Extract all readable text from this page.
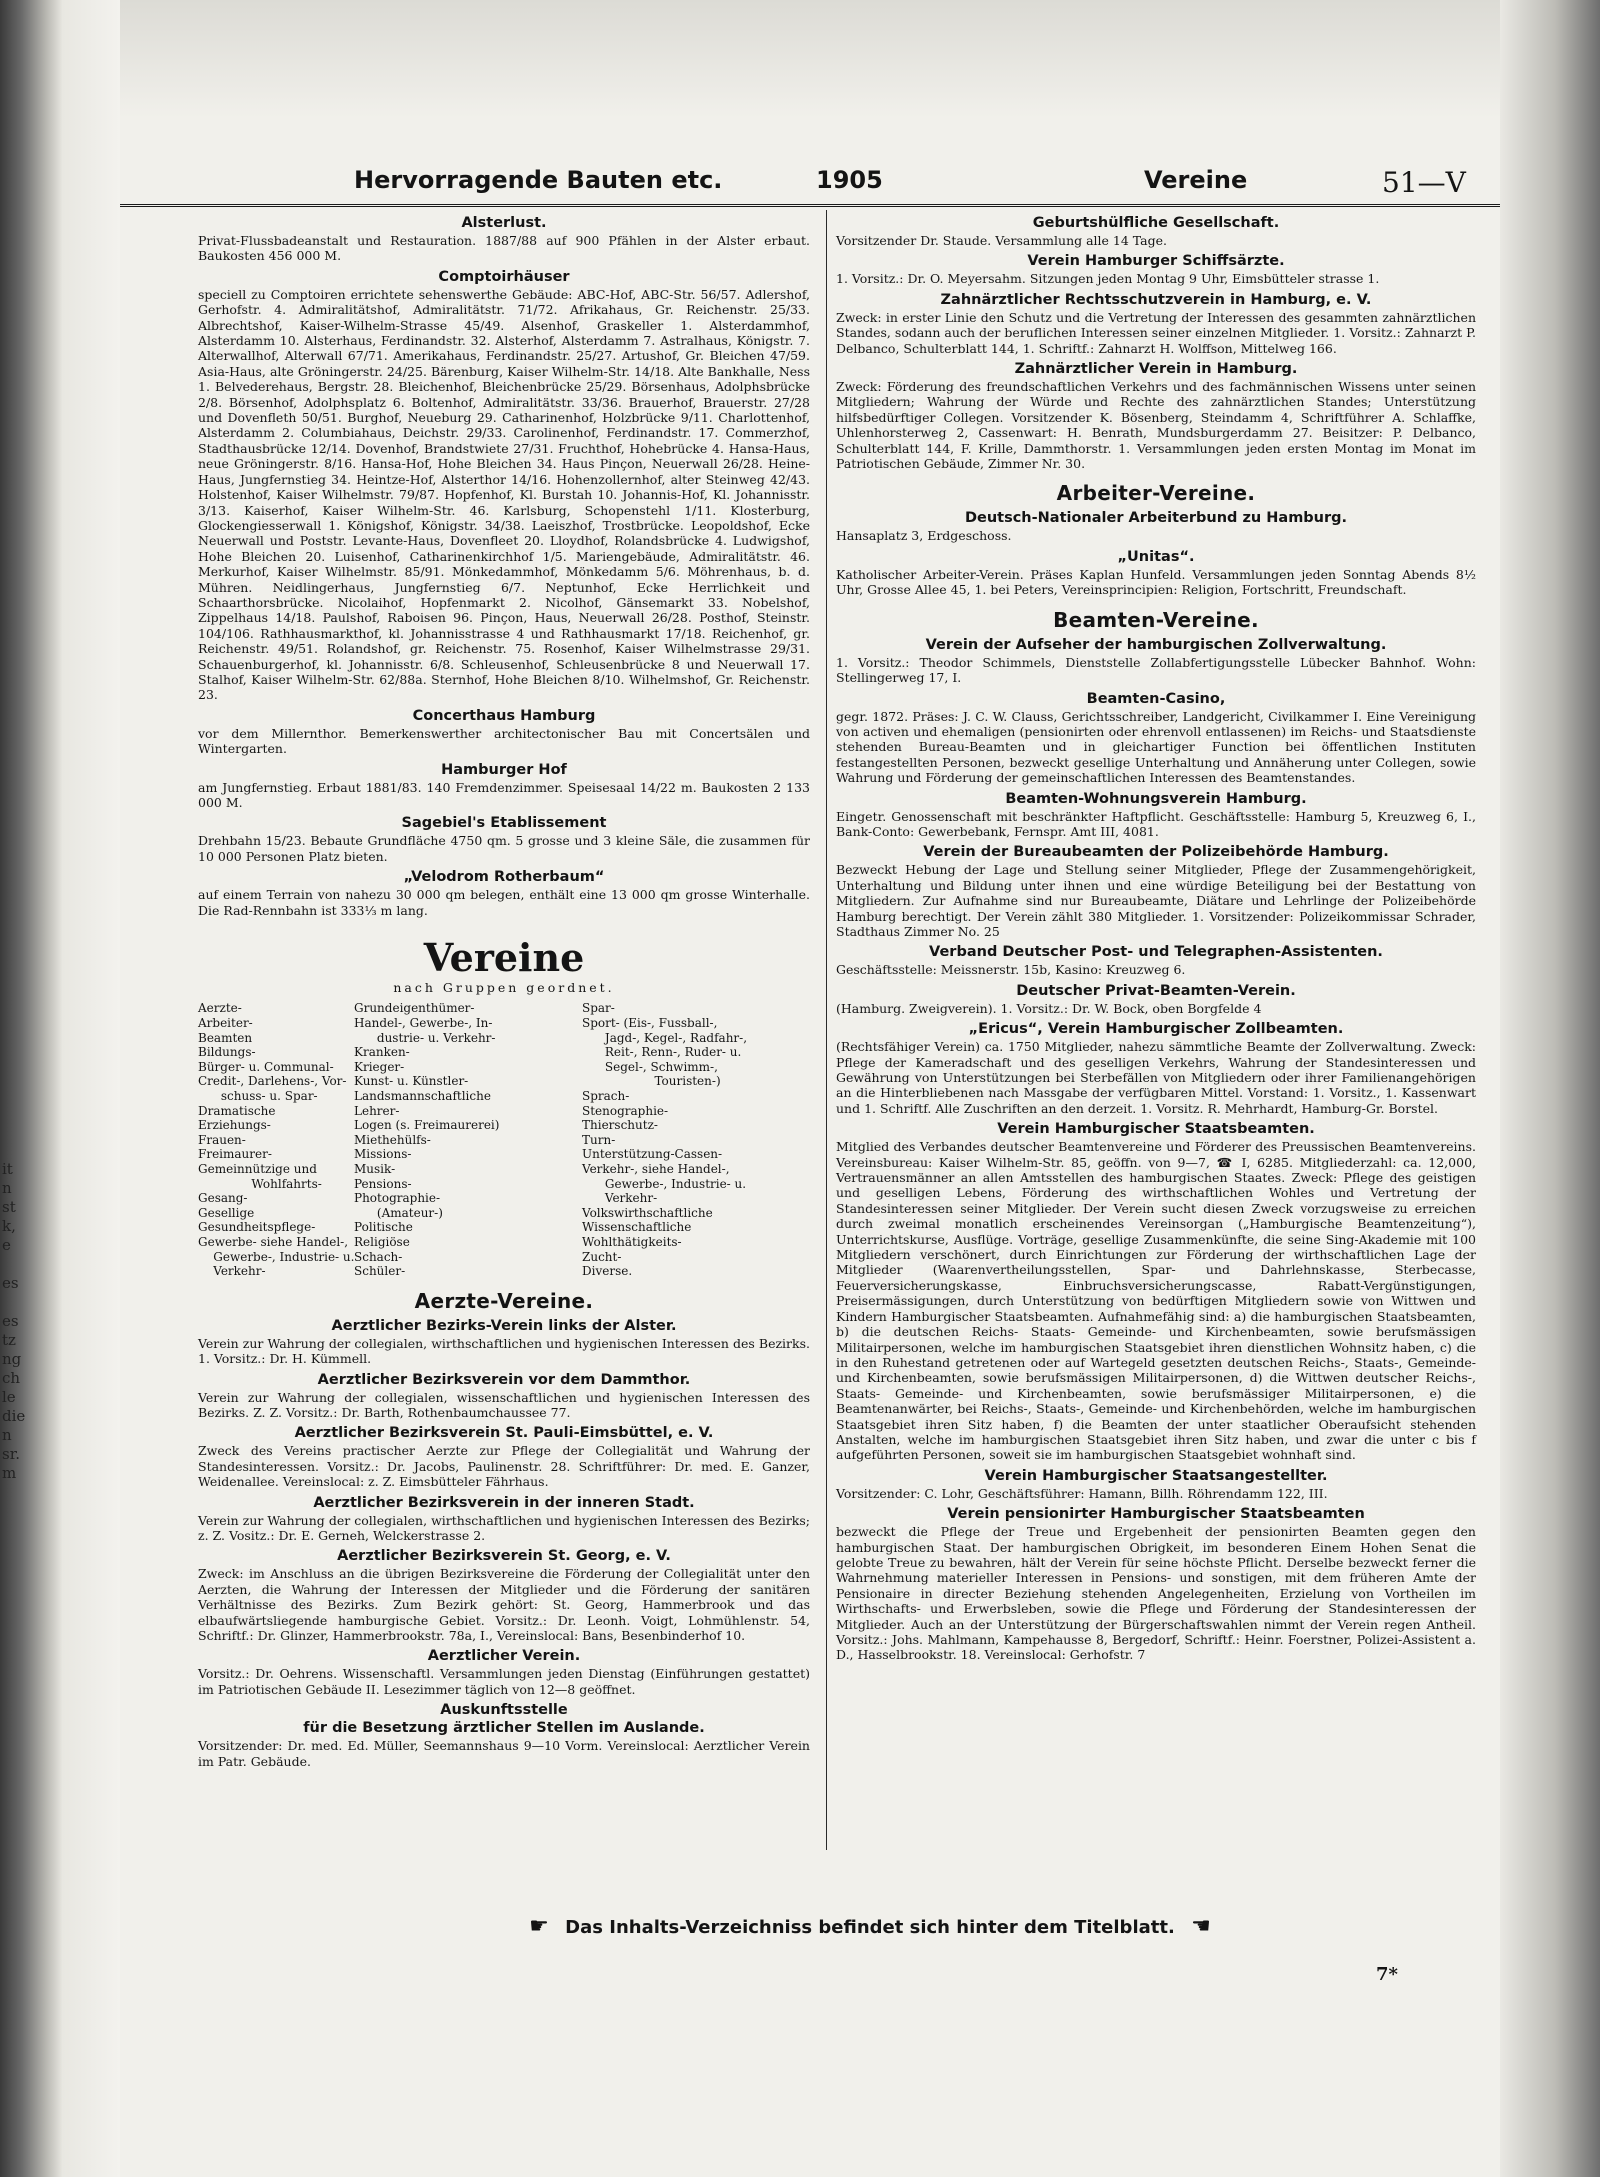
it
n
st
k,
e

es

es
tz
ng
ch
le
die
n
sr.
m
Hervorragende Bauten etc.	1905	Vereine	51—V
Alsterlust.

Privat-Flussbadeanstalt und Restauration. 1887/88 auf 900 Pfählen in der Alster erbaut. Baukosten 456 000 M.

Comptoirhäuser

speciell zu Comptoiren errichtete sehenswerthe Gebäude: ABC-Hof, ABC-Str. 56/57. Adlershof, Gerhofstr. 4. Admiralitätshof, Admiralitätstr. 71/72. Afrikahaus, Gr. Reichenstr. 25/33. Albrechtshof, Kaiser-Wilhelm-Strasse 45/49. Alsenhof, Graskeller 1. Alsterdammhof, Alsterdamm 10. Alsterhaus, Ferdinandstr. 32. Alsterhof, Alsterdamm 7. Astralhaus, Königstr. 7. Alterwallhof, Alterwall 67/71. Amerikahaus, Ferdinandstr. 25/27. Artushof, Gr. Bleichen 47/59. Asia-Haus, alte Gröningerstr. 24/25. Bärenburg, Kaiser Wilhelm-Str. 14/18. Alte Bankhalle, Ness 1. Belvederehaus, Bergstr. 28. Bleichenhof, Bleichenbrücke 25/29. Börsenhaus, Adolphsbrücke 2/8. Börsenhof, Adolphsplatz 6. Boltenhof, Admiralitätstr. 33/36. Brauerhof, Brauerstr. 27/28 und Dovenfleth 50/51. Burghof, Neueburg 29. Catharinenhof, Holzbrücke 9/11. Charlottenhof, Alsterdamm 2. Columbiahaus, Deichstr. 29/33. Carolinenhof, Ferdinandstr. 17. Commerzhof, Stadthausbrücke 12/14. Dovenhof, Brandstwiete 27/31. Fruchthof, Hohebrücke 4. Hansa-Haus, neue Gröningerstr. 8/16. Hansa-Hof, Hohe Bleichen 34. Haus Pinçon, Neuerwall 26/28. Heine-Haus, Jungfernstieg 34. Heintze-Hof, Alsterthor 14/16. Hohenzollernhof, alter Steinweg 42/43. Holstenhof, Kaiser Wilhelmstr. 79/87. Hopfenhof, Kl. Burstah 10. Johannis-Hof, Kl. Johannisstr. 3/13. Kaiserhof, Kaiser Wilhelm-Str. 46. Karlsburg, Schopenstehl 1/11. Klosterburg, Glockengiesserwall 1. Königshof, Königstr. 34/38. Laeiszhof, Trostbrücke. Leopoldshof, Ecke Neuerwall und Poststr. Levante-Haus, Dovenfleet 20. Lloydhof, Rolandsbrücke 4. Ludwigshof, Hohe Bleichen 20. Luisenhof, Catharinenkirchhof 1/5. Mariengebäude, Admiralitätstr. 46. Merkurhof, Kaiser Wilhelmstr. 85/91. Mönkedammhof, Mönkedamm 5/6. Möhrenhaus, b. d. Mühren. Neidlingerhaus, Jungfernstieg 6/7. Neptunhof, Ecke Herrlichkeit und Schaarthorsbrücke. Nicolaihof, Hopfenmarkt 2. Nicolhof, Gänsemarkt 33. Nobelshof, Zippelhaus 14/18. Paulshof, Raboisen 96. Pinçon, Haus, Neuerwall 26/28. Posthof, Steinstr. 104/106. Rathhausmarkthof, kl. Johannisstrasse 4 und Rathhausmarkt 17/18. Reichenhof, gr. Reichenstr. 49/51. Rolandshof, gr. Reichenstr. 75. Rosenhof, Kaiser Wilhelmstrasse 29/31. Schauenburgerhof, kl. Johannisstr. 6/8. Schleusenhof, Schleusenbrücke 8 und Neuerwall 17. Stalhof, Kaiser Wilhelm-Str. 62/88a. Sternhof, Hohe Bleichen 8/10. Wilhelmshof, Gr. Reichenstr. 23.

Concerthaus Hamburg

vor dem Millernthor. Bemerkenswerther architectonischer Bau mit Concertsälen und Wintergarten.

Hamburger Hof

am Jungfernstieg. Erbaut 1881/83. 140 Fremdenzimmer. Speisesaal 14/22 m. Baukosten 2 133 000 M.

Sagebiel's Etablissement

Drehbahn 15/23. Bebaute Grundfläche 4750 qm. 5 grosse und 3 kleine Säle, die zusammen für 10 000 Personen Platz bieten.

„Velodrom Rotherbaum“

auf einem Terrain von nahezu 30 000 qm belegen, enthält eine 13 000 qm grosse Winterhalle. Die Rad-Rennbahn ist 333⅓ m lang.

Vereine
nach Gruppen geordnet.
Aerzte-
Arbeiter-
Beamten
Bildungs-
Bürger- u. Communal-
Credit-, Darlehens-, Vor-
schuss- u. Spar-
Dramatische
Erziehungs-
Frauen-
Freimaurer-
Gemeinnützige und
Wohlfahrts-
Gesang-
Gesellige
Gesundheitspflege-
Gewerbe- siehe Handel-,
Gewerbe-, Industrie- u.
Verkehr-
Grundeigenthümer-
Handel-, Gewerbe-, In-
dustrie- u. Verkehr-
Kranken-
Krieger-
Kunst- u. Künstler-
Landsmannschaftliche
Lehrer-
Logen (s. Freimaurerei)
Miethehülfs-
Missions-
Musik-
Pensions-
Photographie-
(Amateur-)
Politische
Religiöse
Schach-
Schüler-
Spar-
Sport- (Eis-, Fussball-,
Jagd-, Kegel-, Radfahr-,
Reit-, Renn-, Ruder- u.
Segel-, Schwimm-,
Touristen-)
Sprach-
Stenographie-
Thierschutz-
Turn-
Unterstützung-Cassen-
Verkehr-, siehe Handel-,
Gewerbe-, Industrie- u.
Verkehr-
Volkswirthschaftliche
Wissenschaftliche
Wohlthätigkeits-
Zucht-
Diverse.
Aerzte-Vereine.
Aerztlicher Bezirks-Verein links der Alster.

Verein zur Wahrung der collegialen, wirthschaftlichen und hygienischen Interessen des Bezirks. 1. Vorsitz.: Dr. H. Kümmell.

Aerztlicher Bezirksverein vor dem Dammthor.

Verein zur Wahrung der collegialen, wissenschaftlichen und hygienischen Interessen des Bezirks. Z. Z. Vorsitz.: Dr. Barth, Rothenbaumchaussee 77.

Aerztlicher Bezirksverein St. Pauli-Eimsbüttel, e. V.

Zweck des Vereins practischer Aerzte zur Pflege der Collegialität und Wahrung der Standesinteressen. Vorsitz.: Dr. Jacobs, Paulinenstr. 28. Schriftführer: Dr. med. E. Ganzer, Weidenallee. Vereinslocal: z. Z. Eimsbütteler Fährhaus.

Aerztlicher Bezirksverein in der inneren Stadt.

Verein zur Wahrung der collegialen, wirthschaftlichen und hygienischen Interessen des Bezirks; z. Z. Vositz.: Dr. E. Gerneh, Welckerstrasse 2.

Aerztlicher Bezirksverein St. Georg, e. V.

Zweck: im Anschluss an die übrigen Bezirksvereine die Förderung der Collegialität unter den Aerzten, die Wahrung der Interessen der Mitglieder und die Förderung der sanitären Verhältnisse des Bezirks. Zum Bezirk gehört: St. Georg, Hammerbrook und das elbaufwärtsliegende hamburgische Gebiet. Vorsitz.: Dr. Leonh. Voigt, Lohmühlenstr. 54, Schriftf.: Dr. Glinzer, Hammerbrookstr. 78a, I., Vereinslocal: Bans, Besenbinderhof 10.

Aerztlicher Verein.

Vorsitz.: Dr. Oehrens. Wissenschaftl. Versammlungen jeden Dienstag (Einführungen gestattet) im Patriotischen Gebäude II. Lesezimmer täglich von 12—8 geöffnet.

Auskunftsstelle
für die Besetzung ärztlicher Stellen im Auslande.

Vorsitzender: Dr. med. Ed. Müller, Seemannshaus 9—10 Vorm. Vereinslocal: Aerztlicher Verein im Patr. Gebäude.

Geburtshülfliche Gesellschaft.

Vorsitzender Dr. Staude. Versammlung alle 14 Tage.

Verein Hamburger Schiffsärzte.

1. Vorsitz.: Dr. O. Meyersahm. Sitzungen jeden Montag 9 Uhr, Eimsbütteler strasse 1.

Zahnärztlicher Rechtsschutzverein in Hamburg, e. V.

Zweck: in erster Linie den Schutz und die Vertretung der Interessen des gesammten zahnärztlichen Standes, sodann auch der beruflichen Interessen seiner einzelnen Mitglieder. 1. Vorsitz.: Zahnarzt P. Delbanco, Schulterblatt 144, 1. Schriftf.: Zahnarzt H. Wolffson, Mittelweg 166.

Zahnärztlicher Verein in Hamburg.

Zweck: Förderung des freundschaftlichen Verkehrs und des fachmännischen Wissens unter seinen Mitgliedern; Wahrung der Würde und Rechte des zahnärztlichen Standes; Unterstützung hilfsbedürftiger Collegen. Vorsitzender K. Bösenberg, Steindamm 4, Schriftführer A. Schlaffke, Uhlenhorsterweg 2, Cassenwart: H. Benrath, Mundsburgerdamm 27. Beisitzer: P. Delbanco, Schulterblatt 144, F. Krille, Dammthorstr. 1. Versammlungen jeden ersten Montag im Monat im Patriotischen Gebäude, Zimmer Nr. 30.

Arbeiter-Vereine.
Deutsch-Nationaler Arbeiterbund zu Hamburg.

Hansaplatz 3, Erdgeschoss.

„Unitas“.

Katholischer Arbeiter-Verein. Präses Kaplan Hunfeld. Versammlungen jeden Sonntag Abends 8½ Uhr, Grosse Allee 45, 1. bei Peters, Vereinsprincipien: Religion, Fortschritt, Freundschaft.

Beamten-Vereine.
Verein der Aufseher der hamburgischen Zollverwaltung.

1. Vorsitz.: Theodor Schimmels, Dienststelle Zollabfertigungsstelle Lübecker Bahnhof. Wohn: Stellingerweg 17, I.

Beamten-Casino,

gegr. 1872. Präses: J. C. W. Clauss, Gerichtsschreiber, Landgericht, Civilkammer I. Eine Vereinigung von activen und ehemaligen (pensionirten oder ehrenvoll entlassenen) im Reichs- und Staatsdienste stehenden Bureau-Beamten und in gleichartiger Function bei öffentlichen Instituten festangestellten Personen, bezweckt gesellige Unterhaltung und Annäherung unter Collegen, sowie Wahrung und Förderung der gemeinschaftlichen Interessen des Beamtenstandes.

Beamten-Wohnungsverein Hamburg.

Eingetr. Genossenschaft mit beschränkter Haftpflicht. Geschäftsstelle: Hamburg 5, Kreuzweg 6, I., Bank-Conto: Gewerbebank, Fernspr. Amt III, 4081.

Verein der Bureaubeamten der Polizeibehörde Hamburg.

Bezweckt Hebung der Lage und Stellung seiner Mitglieder, Pflege der Zusammengehörigkeit, Unterhaltung und Bildung unter ihnen und eine würdige Beteiligung bei der Bestattung von Mitgliedern. Zur Aufnahme sind nur Bureaubeamte, Diätare und Lehrlinge der Polizeibehörde Hamburg berechtigt. Der Verein zählt 380 Mitglieder. 1. Vorsitzender: Polizeikommissar Schrader, Stadthaus Zimmer No. 25

Verband Deutscher Post- und Telegraphen-Assistenten.

Geschäftsstelle: Meissnerstr. 15b, Kasino: Kreuzweg 6.

Deutscher Privat-Beamten-Verein.

(Hamburg. Zweigverein). 1. Vorsitz.: Dr. W. Bock, oben Borgfelde 4

„Ericus“, Verein Hamburgischer Zollbeamten.

(Rechtsfähiger Verein) ca. 1750 Mitglieder, nahezu sämmtliche Beamte der Zollverwaltung. Zweck: Pflege der Kameradschaft und des geselligen Verkehrs, Wahrung der Standesinteressen und Gewährung von Unterstützungen bei Sterbefällen von Mitgliedern oder ihrer Familienangehörigen an die Hinterbliebenen nach Massgabe der verfügbaren Mittel. Vorstand: 1. Vorsitz., 1. Kassenwart und 1. Schriftf. Alle Zuschriften an den derzeit. 1. Vorsitz. R. Mehrhardt, Hamburg-Gr. Borstel.

Verein Hamburgischer Staatsbeamten.

Mitglied des Verbandes deutscher Beamtenvereine und Förderer des Preussischen Beamtenvereins. Vereinsbureau: Kaiser Wilhelm-Str. 85, geöffn. von 9—7, ☎ I, 6285. Mitgliederzahl: ca. 12,000, Vertrauensmänner an allen Amtsstellen des hamburgischen Staates. Zweck: Pflege des geistigen und geselligen Lebens, Förderung des wirthschaftlichen Wohles und Vertretung der Standesinteressen seiner Mitglieder. Der Verein sucht diesen Zweck vorzugsweise zu erreichen durch zweimal monatlich erscheinendes Vereinsorgan („Hamburgische Beamtenzeitung“), Unterrichtskurse, Ausflüge. Vorträge, gesellige Zusammenkünfte, die seine Sing-Akademie mit 100 Mitgliedern verschönert, durch Einrichtungen zur Förderung der wirthschaftlichen Lage der Mitglieder (Waarenvertheilungsstellen, Spar- und Dahrlehnskasse, Sterbecasse, Feuerversicherungskasse, Einbruchsversicherungscasse, Rabatt-Vergünstigungen, Preisermässigungen, durch Unterstützung von bedürftigen Mitgliedern sowie von Wittwen und Kindern Hamburgischer Staatsbeamten. Aufnahmefähig sind: a) die hamburgischen Staatsbeamten, b) die deutschen Reichs- Staats- Gemeinde- und Kirchenbeamten, sowie berufsmässigen Militairpersonen, welche im hamburgischen Staatsgebiet ihren dienstlichen Wohnsitz haben, c) die in den Ruhestand getretenen oder auf Wartegeld gesetzten deutschen Reichs-, Staats-, Gemeinde- und Kirchenbeamten, sowie berufsmässigen Militairpersonen, d) die Wittwen deutscher Reichs-, Staats- Gemeinde- und Kirchenbeamten, sowie berufsmässiger Militairpersonen, e) die Beamtenanwärter, bei Reichs-, Staats-, Gemeinde- und Kirchenbehörden, welche im hamburgischen Staatsgebiet ihren Sitz haben, f) die Beamten der unter staatlicher Oberaufsicht stehenden Anstalten, welche im hamburgischen Staatsgebiet ihren Sitz haben, und zwar die unter c bis f aufgeführten Personen, soweit sie im hamburgischen Staatsgebiet wohnhaft sind.

Verein Hamburgischer Staatsangestellter.

Vorsitzender: C. Lohr, Geschäftsführer: Hamann, Billh. Röhrendamm 122, III.

Verein pensionirter Hamburgischer Staatsbeamten

bezweckt die Pflege der Treue und Ergebenheit der pensionirten Beamten gegen den hamburgischen Staat. Der hamburgischen Obrigkeit, im besonderen Einem Hohen Senat die gelobte Treue zu bewahren, hält der Verein für seine höchste Pflicht. Derselbe bezweckt ferner die Wahrnehmung materieller Interessen in Pensions- und sonstigen, mit dem früheren Amte der Pensionaire in directer Beziehung stehenden Angelegenheiten, Erzielung von Vortheilen im Wirthschafts- und Erwerbsleben, sowie die Pflege und Förderung der Standesinteressen der Mitglieder. Auch an der Unterstützung der Bürgerschaftswahlen nimmt der Verein regen Antheil. Vorsitz.: Johs. Mahlmann, Kampehausse 8, Bergedorf, Schriftf.: Heinr. Foerstner, Polizei-Assistent a. D., Hasselbrookstr. 18. Vereinslocal: Gerhofstr. 7

☛ Das Inhalts-Verzeichniss befindet sich hinter dem Titelblatt. ☚
7*
